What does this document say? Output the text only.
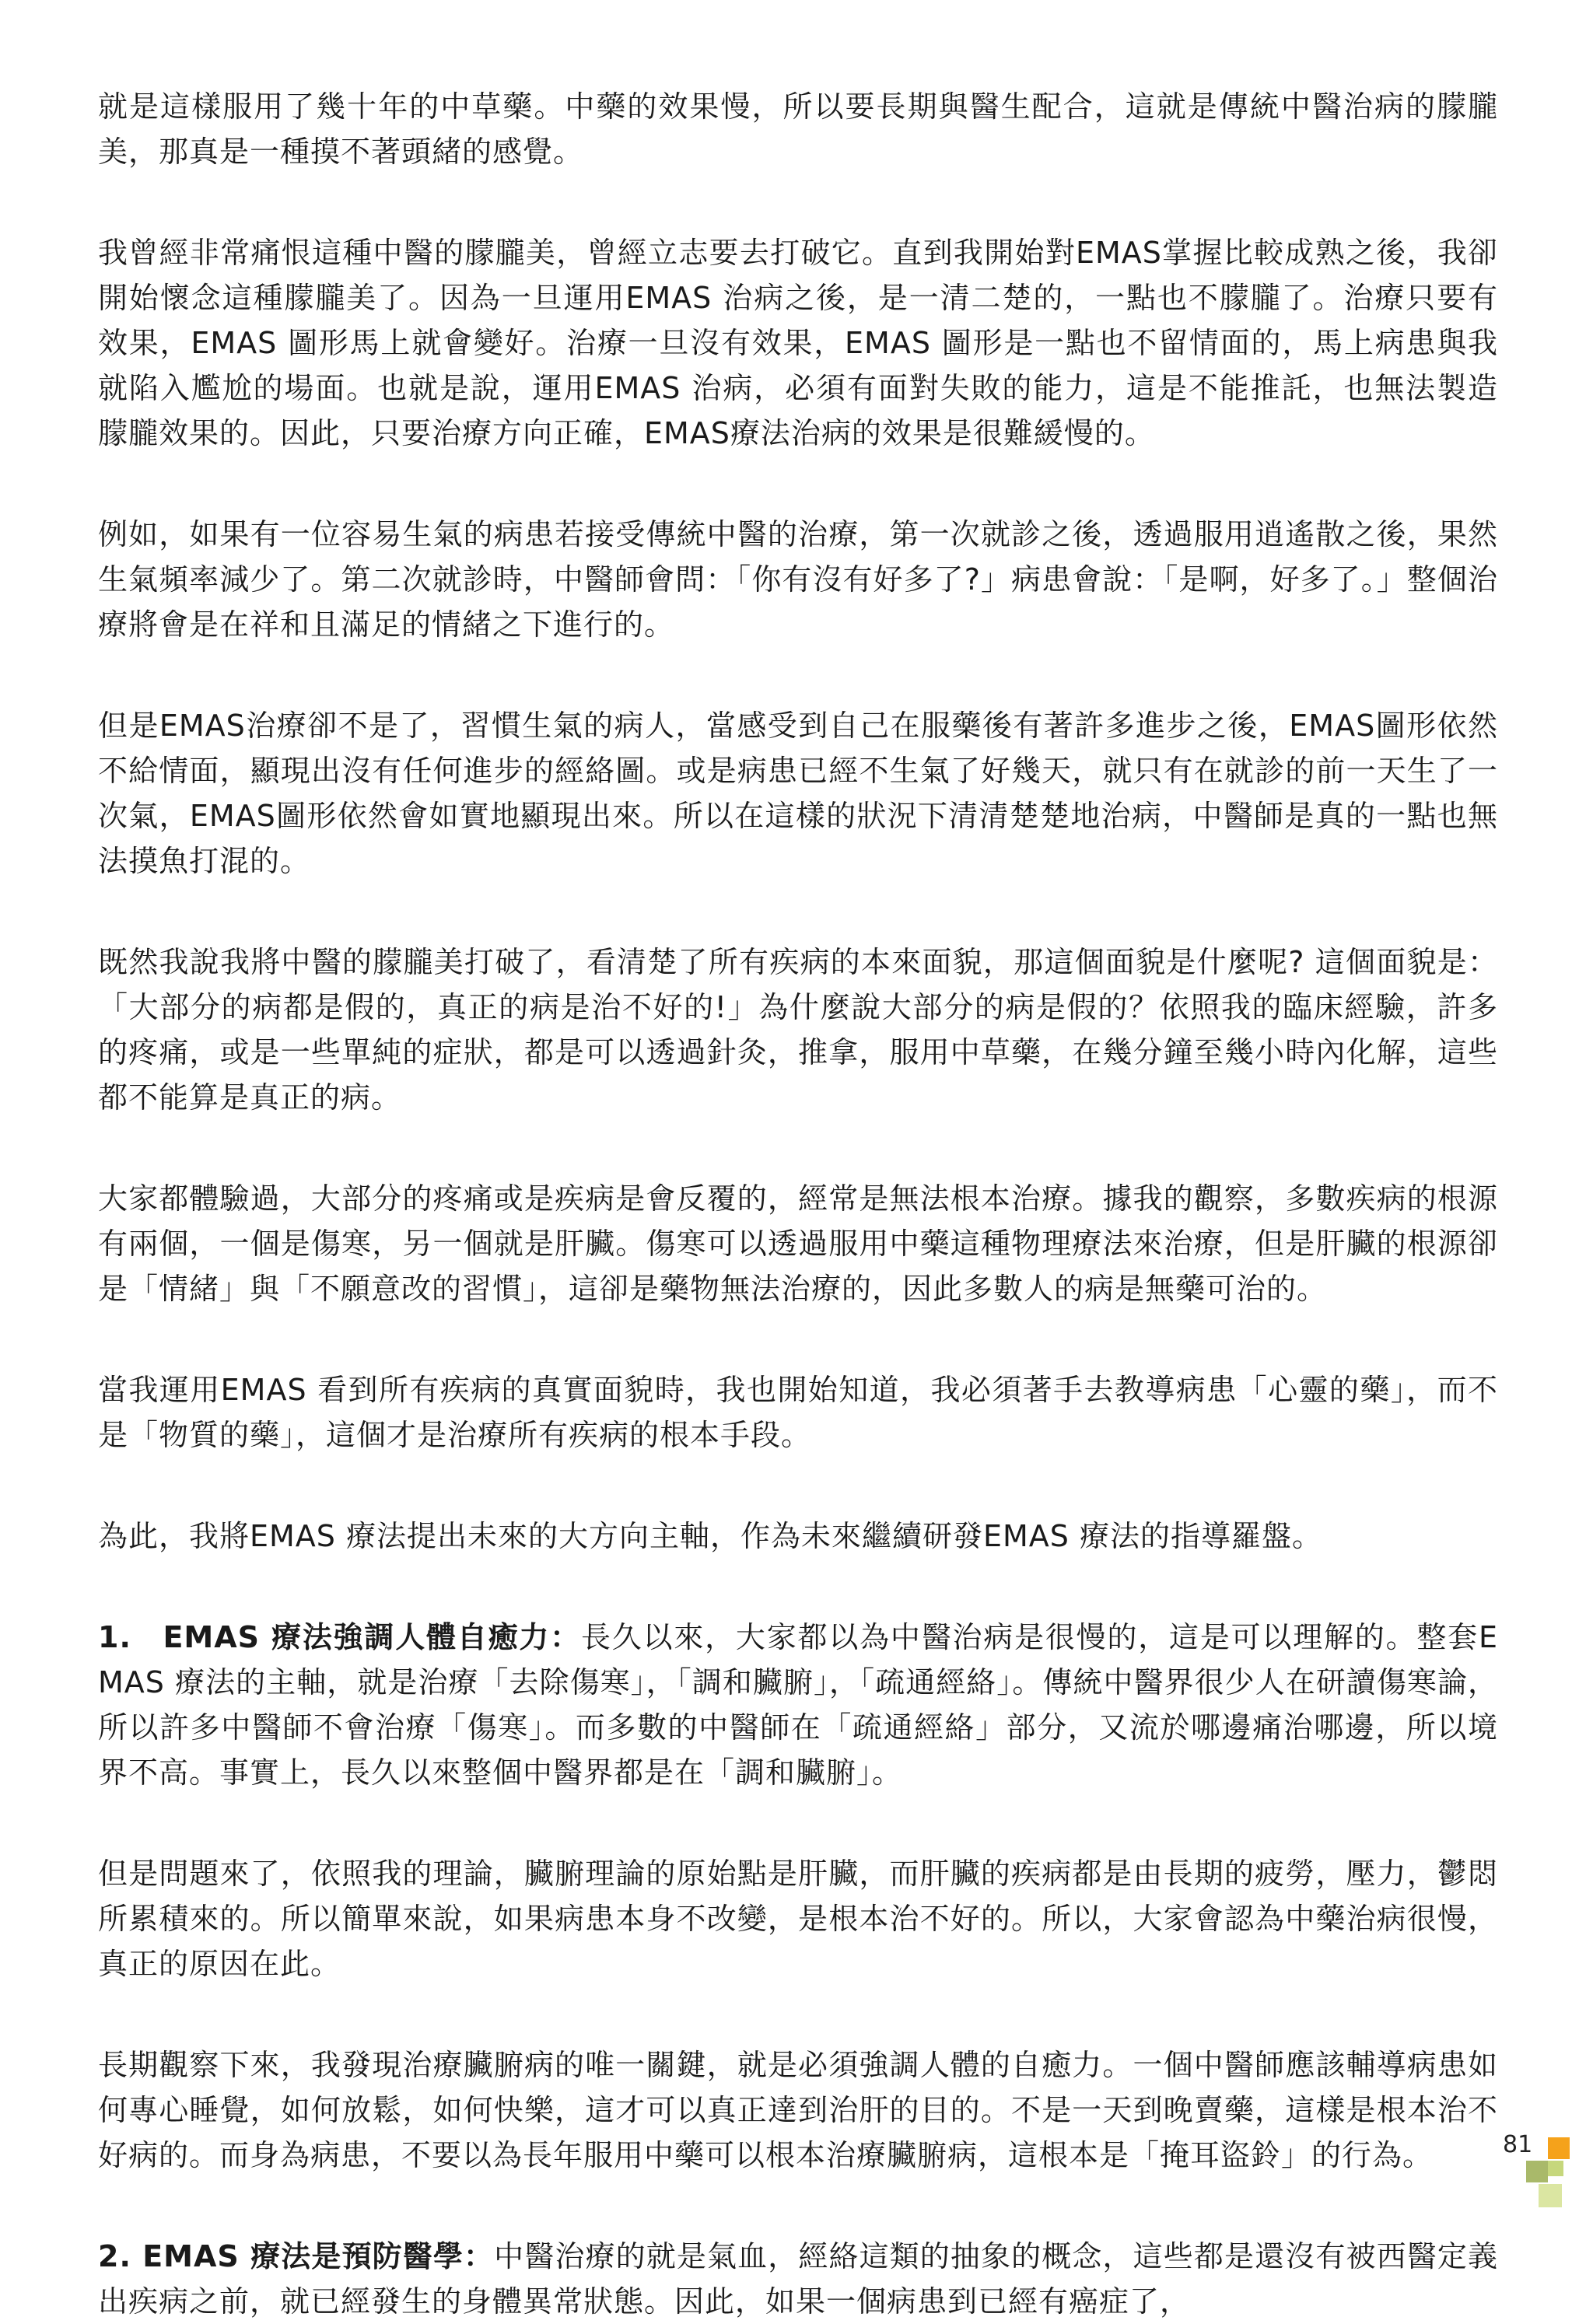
就是這樣服用了幾十年的中草藥。中藥的效果慢，所以要長期與醫生配合，這就是傳統中醫治病的朦朧美，那真是一種摸不著頭緒的感覺。

我曾經非常痛恨這種中醫的朦朧美，曾經立志要去打破它。直到我開始對EMAS掌握比較成熟之後，我卻開始懷念這種朦朧美了。因為一旦運用EMAS 治病之後，是一清二楚的，一點也不朦朧了。治療只要有效果，EMAS 圖形馬上就會變好。治療一旦沒有效果，EMAS 圖形是一點也不留情面的，馬上病患與我就陷入尷尬的場面。也就是說，運用EMAS 治病，必須有面對失敗的能力，這是不能推託，也無法製造朦朧效果的。因此，只要治療方向正確，EMAS療法治病的效果是很難緩慢的。

例如，如果有一位容易生氣的病患若接受傳統中醫的治療，第一次就診之後，透過服用逍遙散之後，果然生氣頻率減少了。第二次就診時，中醫師會問：「你有沒有好多了?」病患會說：「是啊，好多了。」整個治療將會是在祥和且滿足的情緒之下進行的。

但是EMAS治療卻不是了，習慣生氣的病人，當感受到自己在服藥後有著許多進步之後，EMAS圖形依然不給情面，顯現出沒有任何進步的經絡圖。或是病患已經不生氣了好幾天，就只有在就診的前一天生了一次氣，EMAS圖形依然會如實地顯現出來。所以在這樣的狀況下清清楚楚地治病，中醫師是真的一點也無法摸魚打混的。

既然我說我將中醫的朦朧美打破了，看清楚了所有疾病的本來面貌，那這個面貌是什麼呢? 這個面貌是：「大部分的病都是假的，真正的病是治不好的!」為什麼說大部分的病是假的？依照我的臨床經驗，許多的疼痛，或是一些單純的症狀，都是可以透過針灸，推拿，服用中草藥，在幾分鐘至幾小時內化解，這些都不能算是真正的病。

大家都體驗過，大部分的疼痛或是疾病是會反覆的，經常是無法根本治療。據我的觀察，多數疾病的根源有兩個，一個是傷寒，另一個就是肝臟。傷寒可以透過服用中藥這種物理療法來治療，但是肝臟的根源卻是「情緒」與「不願意改的習慣」，這卻是藥物無法治療的，因此多數人的病是無藥可治的。

當我運用EMAS 看到所有疾病的真實面貌時，我也開始知道，我必須著手去教導病患「心靈的藥」，而不是「物質的藥」，這個才是治療所有疾病的根本手段。

為此，我將EMAS 療法提出未來的大方向主軸，作為未來繼續研發EMAS 療法的指導羅盤。

1.　EMAS 療法強調人體自癒力：長久以來，大家都以為中醫治病是很慢的，這是可以理解的。整套EMAS 療法的主軸，就是治療「去除傷寒」，「調和臟腑」，「疏通經絡」。傳統中醫界很少人在研讀傷寒論，所以許多中醫師不會治療「傷寒」。而多數的中醫師在「疏通經絡」部分，又流於哪邊痛治哪邊，所以境界不高。事實上，長久以來整個中醫界都是在「調和臟腑」。

但是問題來了，依照我的理論，臟腑理論的原始點是肝臟，而肝臟的疾病都是由長期的疲勞，壓力，鬱悶所累積來的。所以簡單來說，如果病患本身不改變，是根本治不好的。所以，大家會認為中藥治病很慢，真正的原因在此。

長期觀察下來，我發現治療臟腑病的唯一關鍵，就是必須強調人體的自癒力。一個中醫師應該輔導病患如何專心睡覺，如何放鬆，如何快樂，這才可以真正達到治肝的目的。不是一天到晚賣藥，這樣是根本治不好病的。而身為病患，不要以為長年服用中藥可以根本治療臟腑病，這根本是「掩耳盜鈴」的行為。

2. EMAS 療法是預防醫學：中醫治療的就是氣血，經絡這類的抽象的概念，這些都是還沒有被西醫定義出疾病之前，就已經發生的身體異常狀態。因此，如果一個病患到已經有癌症了，

81
